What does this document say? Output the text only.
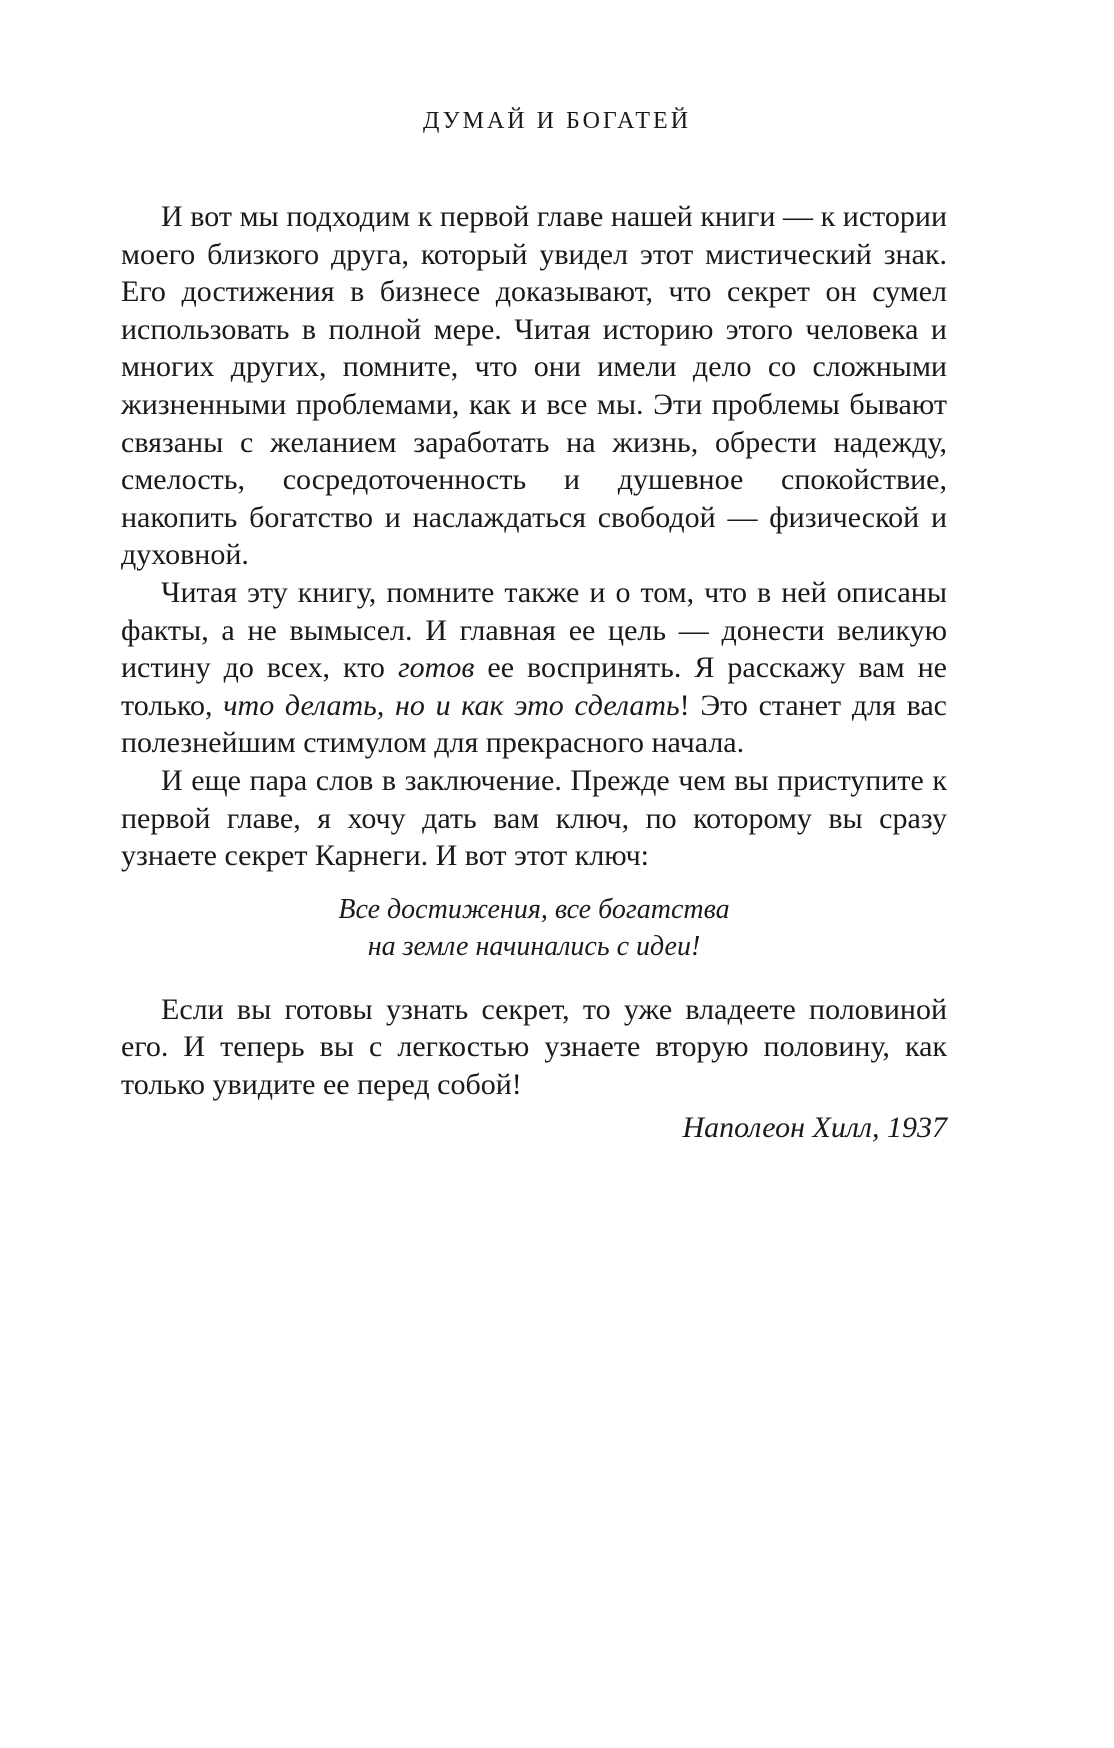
ДУМАЙ И БОГАТЕЙ

И вот мы подходим к первой главе нашей книги — к истории моего близкого друга, который увидел этот мистический знак. Его достижения в бизнесе доказывают, что секрет он сумел использовать в полной мере. Читая историю этого человека и многих других, помните, что они имели дело со сложными жизненными проблемами, как и все мы. Эти проблемы бывают связаны с желанием заработать на жизнь, обрести надежду, смелость, сосредоточенность и душевное спокойствие, накопить богатство и наслаждаться свободой — физической и духовной.

Читая эту книгу, помните также и о том, что в ней описаны факты, а не вымысел. И главная ее цель — донести великую истину до всех, кто готов ее воспринять. Я расскажу вам не только, что делать, но и как это сделать! Это станет для вас полезнейшим стимулом для прекрасного начала.

И еще пара слов в заключение. Прежде чем вы приступите к первой главе, я хочу дать вам ключ, по которому вы сразу узнаете секрет Карнеги. И вот этот ключ:

Все достижения, все богатства
на земле начинались с идеи!

Если вы готовы узнать секрет, то уже владеете половиной его. И теперь вы с легкостью узнаете вторую половину, как только увидите ее перед собой!

Наполеон Хилл, 1937
